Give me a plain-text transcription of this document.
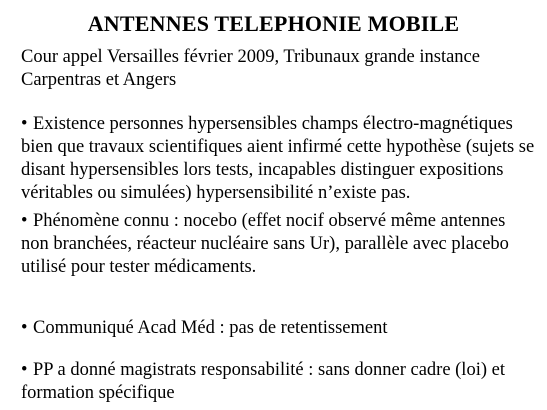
ANTENNES TELEPHONIE MOBILE

Cour appel Versailles février 2009, Tribunaux grande instance Carpentras et Angers

• Existence personnes hypersensibles champs électro-magnétiques bien que travaux scientifiques aient infirmé cette hypothèse (sujets se disant hypersensibles lors tests, incapables distinguer expositions véritables ou simulées) hypersensibilité n’existe pas.
• Phénomène connu : nocebo (effet nocif observé même antennes non branchées, réacteur nucléaire sans Ur), parallèle avec placebo utilisé pour tester médicaments.
• Communiqué Acad Méd : pas de retentissement
• PP a donné magistrats responsabilité : sans donner cadre (loi) et formation spécifique
